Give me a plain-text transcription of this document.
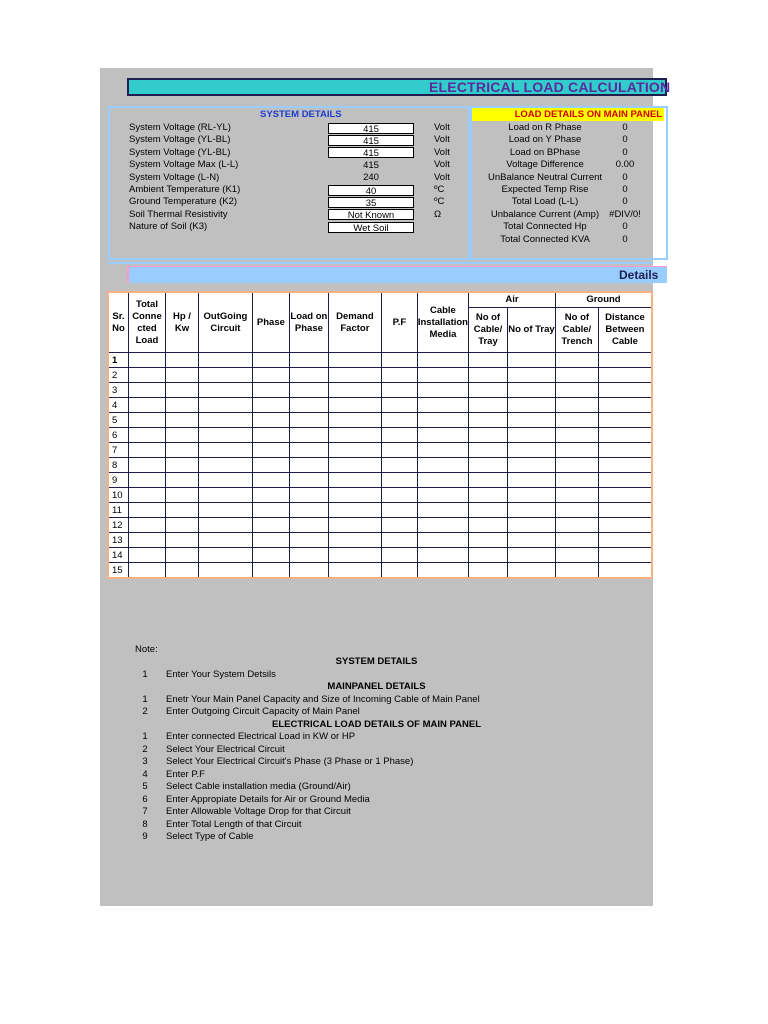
ELECTRICAL LOAD CALCULATION
SYSTEM DETAILS	LOAD DETAILS ON MAIN PANEL
System Voltage (RL-YL)	415	Volt
System Voltage (YL-BL)	415	Volt
System Voltage (YL-BL)	415	Volt
System Voltage Max (L-L)	415	Volt
System Voltage (L-N)	240	Volt
Ambient Temperature (K1)	40	ºC
Ground Temperature (K2)	35	ºC
Soil Thermal Resistivity	Not Known	Ω
Nature of Soil (K3)	Wet Soil
Load on R Phase	0
Load on Y Phase	0
Load on BPhase	0
Voltage Difference	0.00
UnBalance Neutral Current	0
Expected Temp Rise	0
Total Load (L-L)	0
Unbalance Current (Amp)	#DIV/0!
Total Connected Hp	0
Total Connected KVA	0
Details
Sr. No	Total Conne cted Load	Hp / Kw	OutGoing Circuit	Phase	Load on Phase	Demand Factor	P.F	Cable Installation Media	Air		Ground	
									No of Cable/ Tray	No of Tray	No of Cable/ Trench	Distance Between Cable
1												
2												
3												
4												
5												
6												
7												
8												
9												
10												
11												
12												
13												
14												
15												
Note:
SYSTEM DETAILS
1	Enter Your System Detsils
MAINPANEL DETAILS
1	Enetr Your Main Panel Capacity and Size of Incoming Cable of Main Panel
2	Enter Outgoing Circuit Capacity of Main Panel
ELECTRICAL LOAD DETAILS OF MAIN PANEL
1	Enter connected Electrical Load in KW or HP
2	Select Your Electrical Circuit
3	Select Your Electrical Circuit's Phase (3 Phase or 1 Phase)
4	Enter P.F
5	Select Cable installation media (Ground/Air)
6	Enter Appropiate Details for Air or Ground Media
7	Enter Allowable Voltage Drop for that Circuit
8	Enter Total Length of that Circuit
9	Select Type of Cable
